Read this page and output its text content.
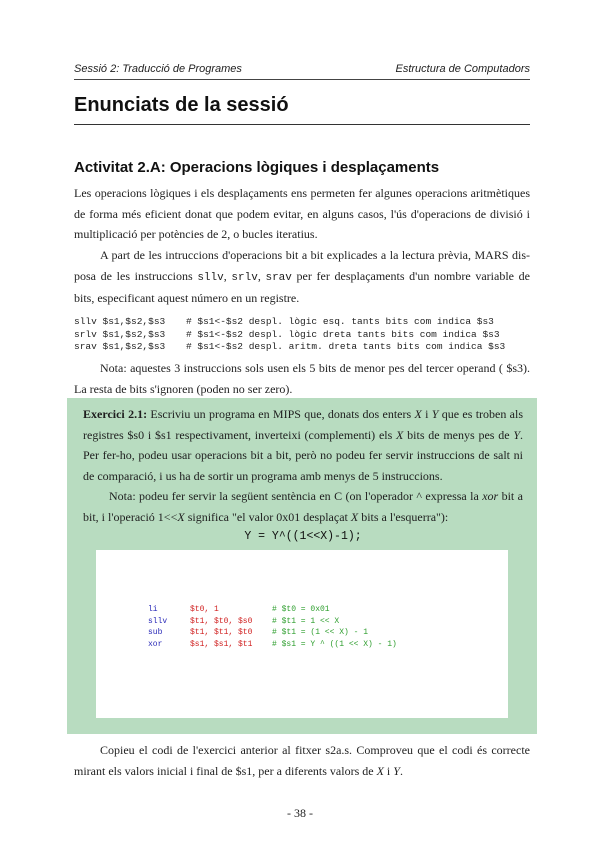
Sessió 2: Traducció de Programes	Estructura de Computadors
Enunciats de la sessió
Activitat 2.A: Operacions lògiques i desplaçaments
Les operacions lògiques i els desplaçaments ens permeten fer algunes operacions aritmètiques de forma més eficient donat que podem evitar, en alguns casos, l'ús d'operacions de divisió i multiplicació per potències de 2, o bucles iteratius.
A part de les intruccions d'operacions bit a bit explicades a la lectura prèvia, MARS dis-posa de les instruccions sllv, srlv, srav per fer desplaçaments d'un nombre variable de bits, especificant aquest número en un registre.
sllv $s1,$s2,$s3 # $s1<-$s2 despl. lògic esq. tants bits com indica $s3
srlv $s1,$s2,$s3 # $s1<-$s2 despl. lògic dreta tants bits com indica $s3
srav $s1,$s2,$s3 # $s1<-$s2 despl. aritm. dreta tants bits com indica $s3
Nota: aquestes 3 instruccions sols usen els 5 bits de menor pes del tercer operand ( $s3). La resta de bits s'ignoren (poden no ser zero).
Exercici 2.1: Escriviu un programa en MIPS que, donats dos enters X i Y que es troben als registres $s0 i $s1 respectivament, inverteixi (complementi) els X bits de menys pes de Y. Per fer-ho, podeu usar operacions bit a bit, però no podeu fer servir instruccions de salt ni de comparació, i us ha de sortir un programa amb menys de 5 instruccions.
Nota: podeu fer servir la següent sentència en C (on l'operador ^ expressa la xor bit a bit, i l'operació 1<<X significa "el valor 0x01 desplaçat X bits a l'esquerra"):
Y = Y^((1<<X)-1);
li	$t0, 1	# $t0 = 0x01
sllv	$t1, $t0, $s0 # $t1 = 1 << X
sub	$t1, $t1, $t0 # $t1 = (1 << X) - 1
xor	$s1, $s1, $t1 # $s1 = Y ^ ((1 << X) - 1)
Copieu el codi de l'exercici anterior al fitxer s2a.s. Comproveu que el codi és correcte mirant els valors inicial i final de $s1, per a diferents valors de X i Y.
- 38 -
